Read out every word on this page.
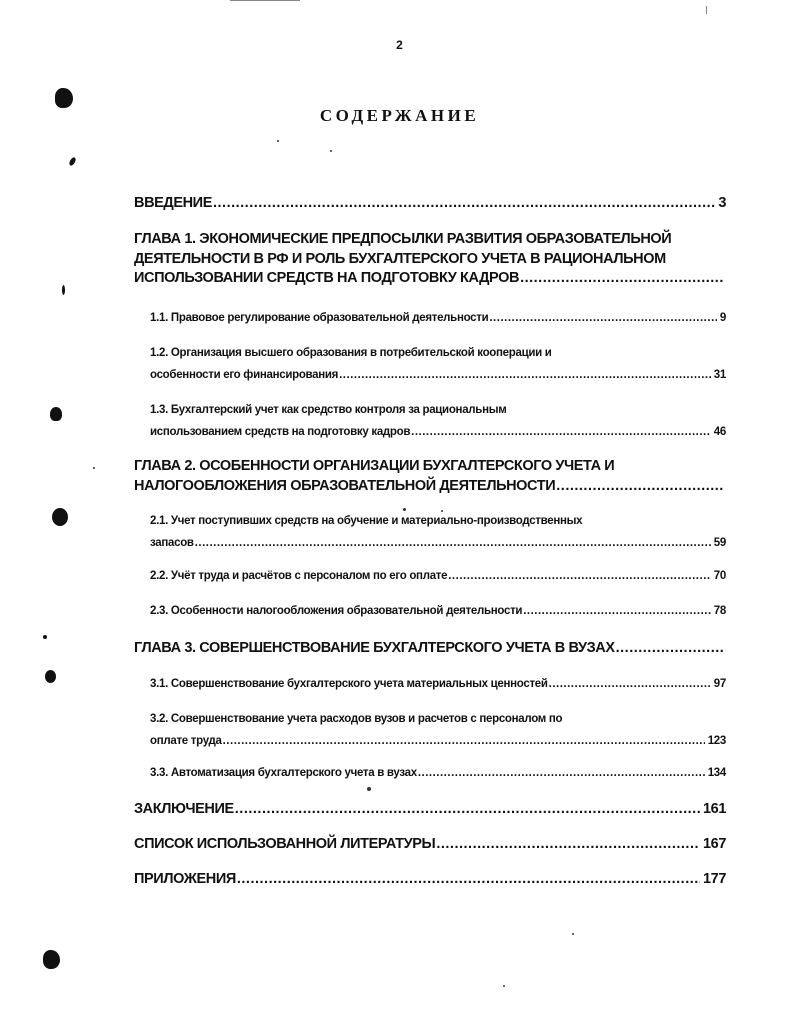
2
СОДЕРЖАНИЕ
ВВЕДЕНИЕ .....	3
ГЛАВА 1. ЭКОНОМИЧЕСКИЕ ПРЕДПОСЫЛКИ РАЗВИТИЯ ОБРАЗОВАТЕЛЬНОЙ
ДЕЯТЕЛЬНОСТИ В РФ И РОЛЬ БУХГАЛТЕРСКОГО УЧЕТА В РАЦИОНАЛЬНОМ
ИСПОЛЬЗОВАНИИ СРЕДСТВ НА ПОДГОТОВКУ КАДРОВ
.....
1.1. Правовое регулирование образовательной деятельности .....	9
1.2. Организация высшего образования в потребительской кооперации и
особенности его финансирования .....	31
1.3. Бухгалтерский учет как средство контроля за рациональным
использованием средств на подготовку кадров .....	46
ГЛАВА 2. ОСОБЕННОСТИ ОРГАНИЗАЦИИ БУХГАЛТЕРСКОГО УЧЕТА И
НАЛОГООБЛОЖЕНИЯ ОБРАЗОВАТЕЛЬНОЙ ДЕЯТЕЛЬНОСТИ
.....
2.1. Учет поступивших средств на обучение и материально-производственных
запасов .....	59
2.2. Учёт труда и расчётов с персоналом по его оплате .....	70
2.3. Особенности налогообложения образовательной деятельности .....	78
ГЛАВА 3. СОВЕРШЕНСТВОВАНИЕ БУХГАЛТЕРСКОГО УЧЕТА В ВУЗАХ
.....
3.1. Совершенствование бухгалтерского учета материальных ценностей .....	97
3.2. Совершенствование учета расходов вузов и расчетов с персоналом по
оплате труда .....	123
3.3. Автоматизация бухгалтерского учета в вузах .....	134
ЗАКЛЮЧЕНИЕ .....	161
СПИСОК ИСПОЛЬЗОВАННОЙ ЛИТЕРАТУРЫ .....	167
ПРИЛОЖЕНИЯ .....	177
